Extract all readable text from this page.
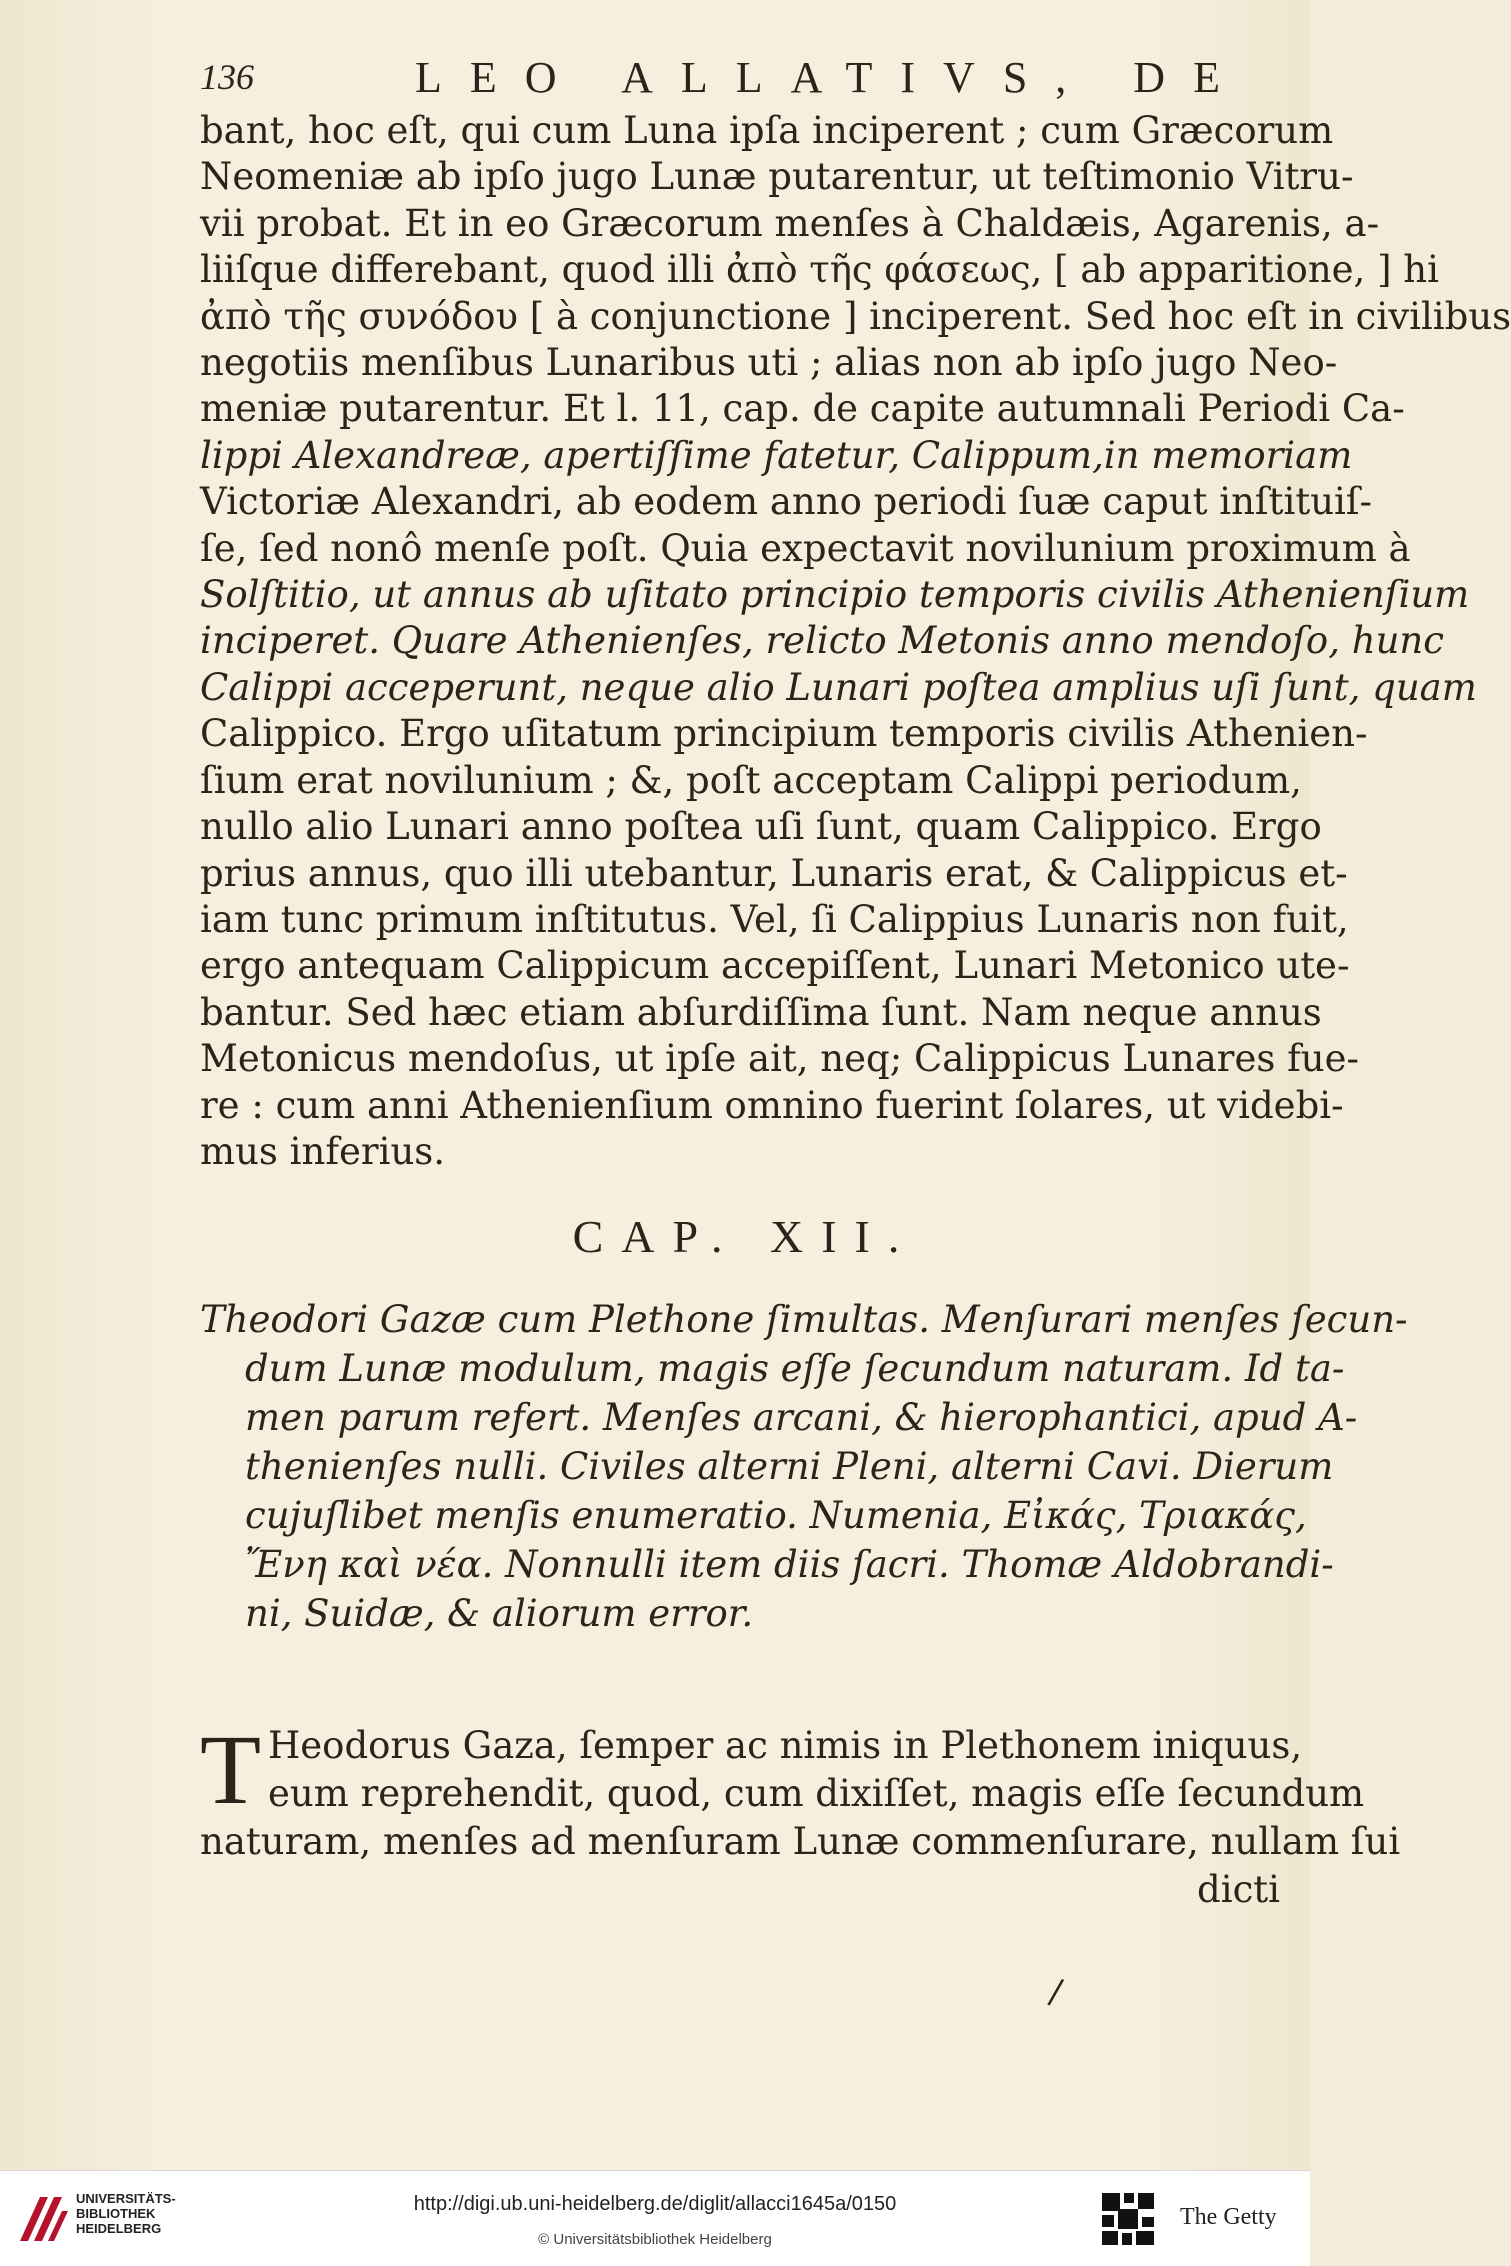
136	LEO ALLATIVS, DE
bant, hoc eſt, qui cum Luna ipſa inciperent ; cum Græcorum
Neomeniæ ab ipſo jugo Lunæ putarentur, ut teſtimonio Vitru-
vii probat. Et in eo Græcorum menſes à Chaldæis, Agarenis, a-
liiſque differebant, quod illi ἀπὸ τῆς φάσεως, [ ab apparitione, ] hi
ἀπὸ τῆς συνόδου [ à conjunctione ] inciperent. Sed hoc eſt in civilibus
negotiis menſibus Lunaribus uti ; alias non ab ipſo jugo Neo-
meniæ putarentur. Et l. 11, cap. de capite autumnali Periodi Ca-
lippi Alexandreæ, apertiſſime fatetur, Calippum,in memoriam
Victoriæ Alexandri, ab eodem anno periodi ſuæ caput inſtituiſ-
ſe, ſed nonô menſe poſt. Quia expectavit novilunium proximum à
Solſtitio, ut annus ab uſitato principio temporis civilis Athenienſium
inciperet. Quare Athenienſes, relicto Metonis anno mendoſo, hunc
Calippi acceperunt, neque alio Lunari poſtea amplius uſi ſunt, quam
Calippico. Ergo uſitatum principium temporis civilis Athenien-
ſium erat novilunium ; &, poſt acceptam Calippi periodum,
nullo alio Lunari anno poſtea uſi ſunt, quam Calippico. Ergo
prius annus, quo illi utebantur, Lunaris erat, & Calippicus et-
iam tunc primum inſtitutus. Vel, ſi Calippius Lunaris non fuit,
ergo antequam Calippicum accepiſſent, Lunari Metonico ute-
bantur. Sed hæc etiam abſurdiſſima ſunt. Nam neque annus
Metonicus mendoſus, ut ipſe ait, neq; Calippicus Lunares fue-
re : cum anni Athenienſium omnino fuerint ſolares, ut videbi-
mus inferius.
CAP. XII.
Theodori Gazæ cum Plethone ſimultas. Menſurari menſes ſecun-
dum Lunæ modulum, magis eſſe ſecundum naturam. Id ta-
men parum refert. Menſes arcani, & hierophantici, apud A-
thenienſes nulli. Civiles alterni Pleni, alterni Cavi. Dierum
cujuſlibet menſis enumeratio. Numenia, Εἰκάς, Τριακάς,
Ἔνη καὶ νέα. Nonnulli item diis ſacri. Thomæ Aldobrandi-
ni, Suidæ, & aliorum error.
T Heodorus Gaza, ſemper ac nimis in Plethonem iniquus,
eum reprehendit, quod, cum dixiſſet, magis eſſe ſecundum
naturam, menſes ad menſuram Lunæ commenſurare, nullam ſui
dicti
/
UNIVERSITÄTS-
BIBLIOTHEK
HEIDELBERG
http://digi.ub.uni-heidelberg.de/diglit/allacci1645a/0150
© Universitätsbibliothek Heidelberg
The Getty
